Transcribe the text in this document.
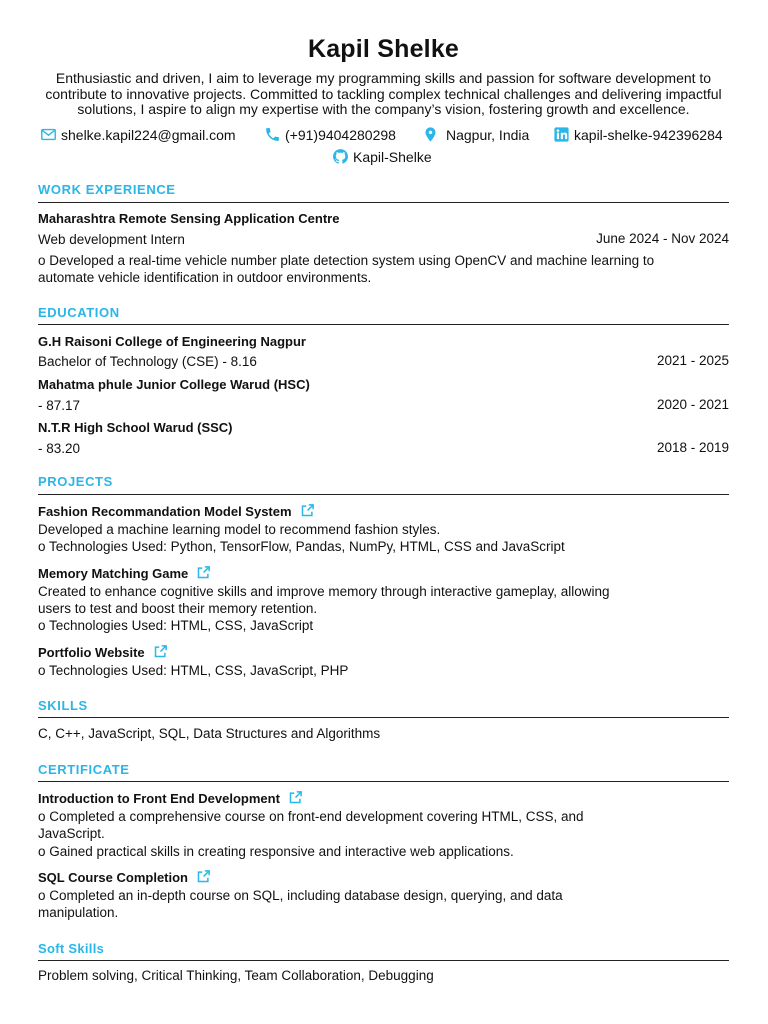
Kapil Shelke
Enthusiastic and driven, I aim to leverage my programming skills and passion for software development to
contribute to innovative projects. Committed to tackling complex technical challenges and delivering impactful
solutions, I aspire to align my expertise with the company’s vision, fostering growth and excellence.
shelke.kapil224@gmail.com	(+91)9404280298	Nagpur, India	kapil-shelke-942396284
Kapil-Shelke
WORK EXPERIENCE
Maharashtra Remote Sensing Application Centre
Web development Intern	June 2024 - Nov 2024
o Developed a real-time vehicle number plate detection system using OpenCV and machine learning to
automate vehicle identification in outdoor environments.
EDUCATION
G.H Raisoni College of Engineering Nagpur
Bachelor of Technology (CSE) - 8.16	2021 - 2025
Mahatma phule Junior College Warud (HSC)
- 87.17	2020 - 2021
N.T.R High School Warud (SSC)
- 83.20	2018 - 2019
PROJECTS
Fashion Recommandation Model System
Developed a machine learning model to recommend fashion styles.
o Technologies Used: Python, TensorFlow, Pandas, NumPy, HTML, CSS and JavaScript
Memory Matching Game
Created to enhance cognitive skills and improve memory through interactive gameplay, allowing
users to test and boost their memory retention.
o Technologies Used: HTML, CSS, JavaScript
Portfolio Website
o Technologies Used: HTML, CSS, JavaScript, PHP
SKILLS
C, C++, JavaScript, SQL, Data Structures and Algorithms
CERTIFICATE
Introduction to Front End Development
o Completed a comprehensive course on front-end development covering HTML, CSS, and
JavaScript.
o Gained practical skills in creating responsive and interactive web applications.
SQL Course Completion
o Completed an in-depth course on SQL, including database design, querying, and data
manipulation.
Soft Skills
Problem solving, Critical Thinking, Team Collaboration, Debugging
